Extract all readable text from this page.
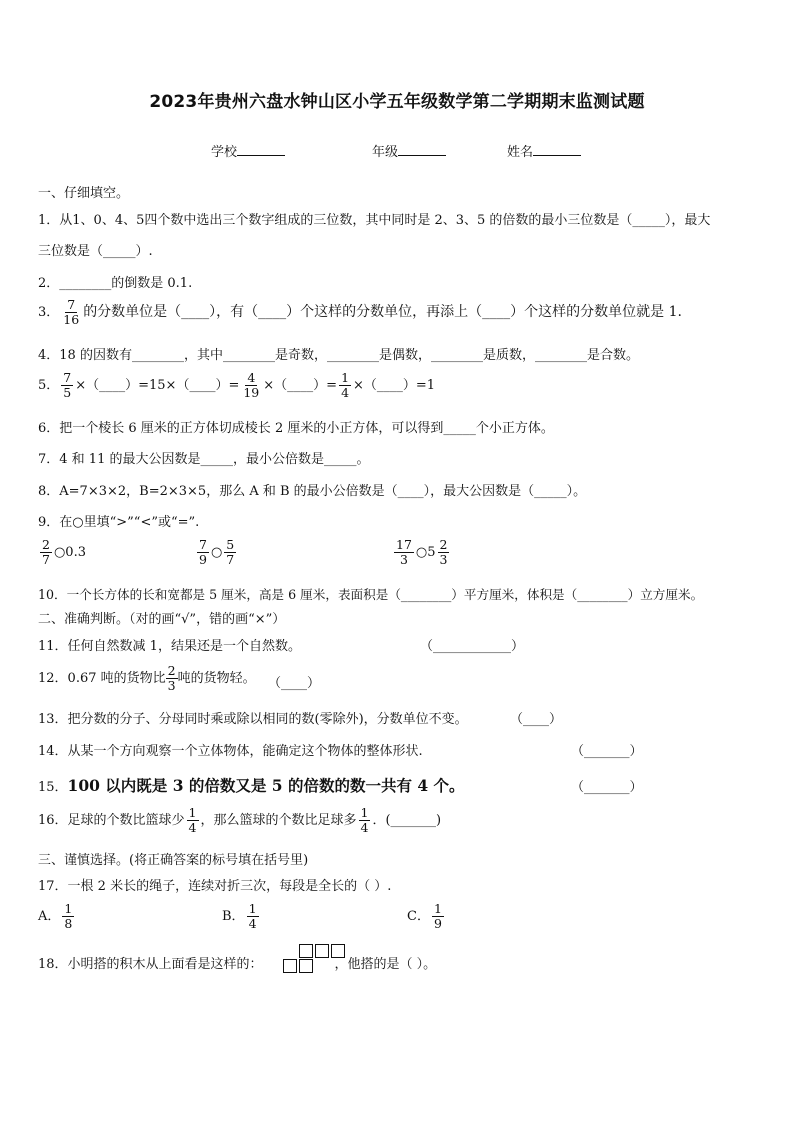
2023年贵州六盘水钟山区小学五年级数学第二学期期末监测试题
学校	年级	姓名
一、仔细填空。
1．从1、0、4、5四个数中选出三个数字组成的三位数，其中同时是 2、3、5 的倍数的最小三位数是（_____），最大
三位数是（_____）.
2．________的倒数是 0.1.
3． $\frac{7}{16}$ 的分数单位是（____），有（____）个这样的分数单位，再添上（____）个这样的分数单位就是 1.
4．18 的因数有________，其中________是奇数，________是偶数，________是质数，________是合数。
5． $\frac{7}{5}$ ×（____）=15×（____）= $\frac{4}{19}$ ×（____）= $\frac{1}{4}$ ×（____）=1
6．把一个棱长 6 厘米的正方体切成棱长 2 厘米的小正方体，可以得到_____个小正方体。
7．4 和 11 的最大公因数是_____，最小公倍数是_____。
8．A=7×3×2，B=2×3×5，那么 A 和 B 的最小公倍数是（____），最大公因数是（_____）。
9．在○里填“>”“<”或“=”.
$\frac{2}{7}$ ○0.3	$\frac{7}{9}$ ○ $\frac{5}{7}$	$\frac{17}{3}$ ○5 $\frac{2}{3}$
10．一个长方体的长和宽都是 5 厘米，高是 6 厘米，表面积是（________）平方厘米，体积是（________）立方厘米。
二、准确判断。（对的画“√”，错的画“×”）
11．任何自然数减 1，结果还是一个自然数。	（____________）
12．0.67 吨的货物比 $\frac{2}{3}$ 吨的货物轻。 （____）
13．把分数的分子、分母同时乘或除以相同的数(零除外)，分数单位不变。	（____）
14．从某一个方向观察一个立体物体，能确定这个物体的整体形状.	（_______）
15．100 以内既是 3 的倍数又是 5 的倍数的数一共有 4 个。	（_______）
16．足球的个数比篮球少 $\frac{1}{4}$ ，那么篮球的个数比足球多 $\frac{1}{4}$ ．(_______)
三、谨慎选择。(将正确答案的标号填在括号里)
17．一根 2 米长的绳子，连续对折三次，每段是全长的（ ）.
A． $\frac{1}{8}$	B． $\frac{1}{4}$	C． $\frac{1}{9}$
18．小明搭的积木从上面看是这样的：	，他搭的是（ ）。
